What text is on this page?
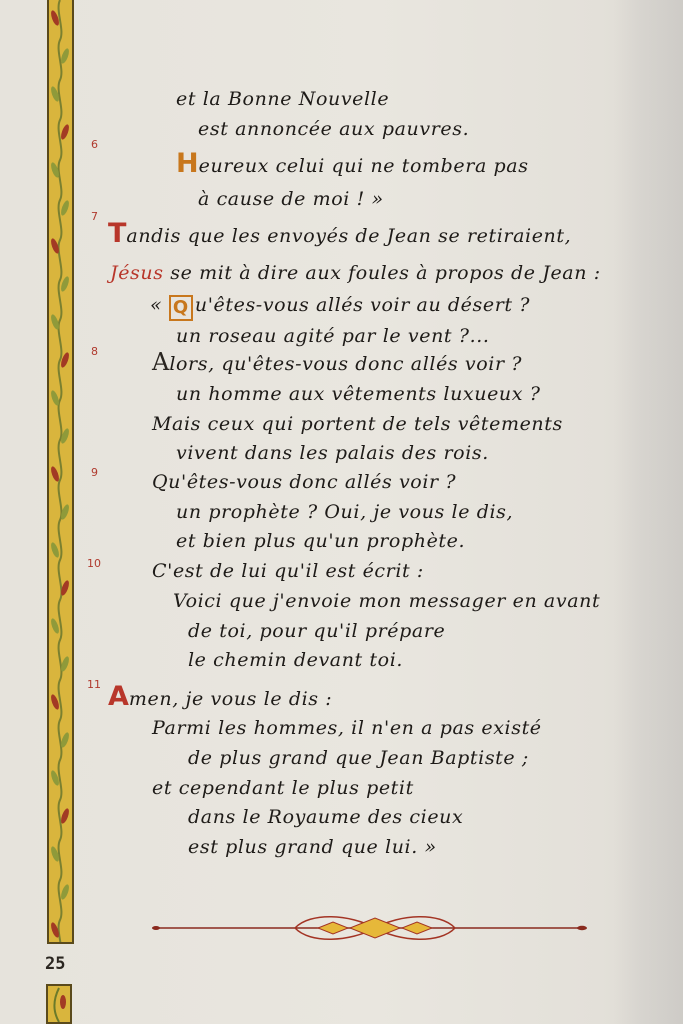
25
6
7
8
9
10
11
et la Bonne Nouvelle
est annoncée aux pauvres.
Heureux celui qui ne tombera pas
à cause de moi ! »
Tandis que les envoyés de Jean se retiraient,
Jésus se mit à dire aux foules à propos de Jean :
« Q u'êtes-vous allés voir au désert ?
un roseau agité par le vent ?...
Alors, qu'êtes-vous donc allés voir ?
un homme aux vêtements luxueux ?
Mais ceux qui portent de tels vêtements
vivent dans les palais des rois.
Qu'êtes-vous donc allés voir ?
un prophète ? Oui, je vous le dis,
et bien plus qu'un prophète.
C'est de lui qu'il est écrit :
Voici que j'envoie mon messager en avant
de toi, pour qu'il prépare
le chemin devant toi.
Amen, je vous le dis :
Parmi les hommes, il n'en a pas existé
de plus grand que Jean Baptiste ;
et cependant le plus petit
dans le Royaume des cieux
est plus grand que lui. »
